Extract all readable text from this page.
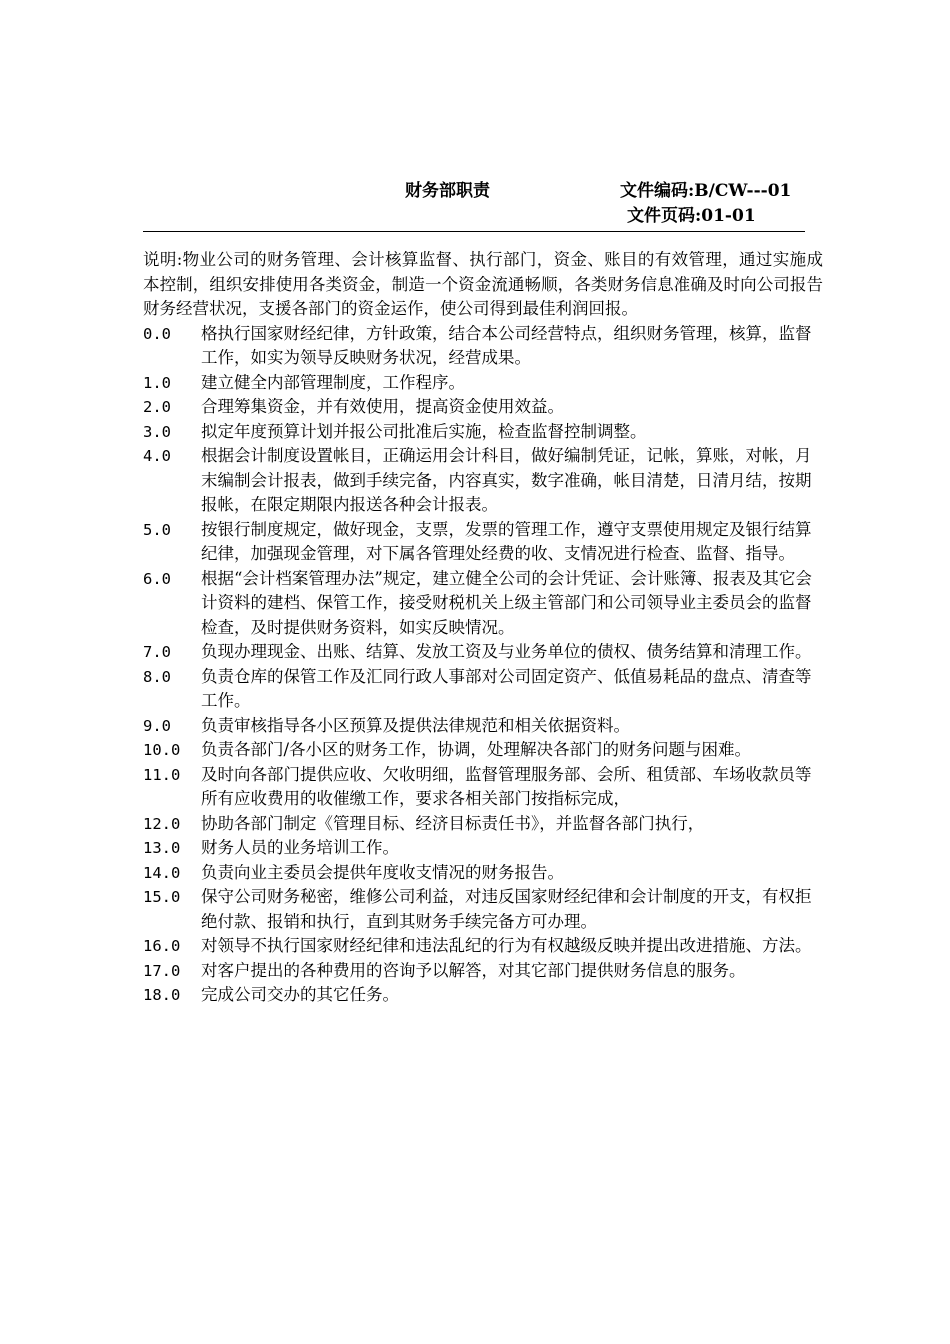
财务部职责	文件编码:B/CW---01
文件页码:01-01

说明:物业公司的财务管理、会计核算监督、执行部门，资金、账目的有效管理，通过实施成本控制，组织安排使用各类资金，制造一个资金流通畅顺，各类财务信息准确及时向公司报告财务经营状况，支援各部门的资金运作，使公司得到最佳利润回报。

0.0	格执行国家财经纪律，方针政策，结合本公司经营特点，组织财务管理，核算，监督工作，如实为领导反映财务状况，经营成果。
1.0	建立健全内部管理制度，工作程序。
2.0	合理筹集资金，并有效使用，提高资金使用效益。
3.0	拟定年度预算计划并报公司批准后实施，检查监督控制调整。
4.0	根据会计制度设置帐目，正确运用会计科目，做好编制凭证，记帐，算账，对帐，月末编制会计报表，做到手续完备，内容真实，数字准确，帐目清楚，日清月结，按期报帐，在限定期限内报送各种会计报表。
5.0	按银行制度规定，做好现金，支票，发票的管理工作，遵守支票使用规定及银行结算纪律，加强现金管理，对下属各管理处经费的收、支情况进行检查、监督、指导。
6.0	根据“会计档案管理办法”规定，建立健全公司的会计凭证、会计账簿、报表及其它会计资料的建档、保管工作，接受财税机关上级主管部门和公司领导业主委员会的监督检查，及时提供财务资料，如实反映情况。
7.0	负现办理现金、出账、结算、发放工资及与业务单位的债权、债务结算和清理工作。
8.0	负责仓库的保管工作及汇同行政人事部对公司固定资产、低值易耗品的盘点、清查等工作。
9.0	负责审核指导各小区预算及提供法律规范和相关依据资料。
10.0	负责各部门/各小区的财务工作，协调，处理解决各部门的财务问题与困难。
11.0	及时向各部门提供应收、欠收明细，监督管理服务部、会所、租赁部、车场收款员等所有应收费用的收催缴工作，要求各相关部门按指标完成，
12.0	协助各部门制定《管理目标、经济目标责任书》，并监督各部门执行，
13.0	财务人员的业务培训工作。
14.0	负责向业主委员会提供年度收支情况的财务报告。
15.0	保守公司财务秘密，维修公司利益，对违反国家财经纪律和会计制度的开支，有权拒绝付款、报销和执行，直到其财务手续完备方可办理。
16.0	对领导不执行国家财经纪律和违法乱纪的行为有权越级反映并提出改进措施、方法。
17.0	对客户提出的各种费用的咨询予以解答，对其它部门提供财务信息的服务。
18.0	完成公司交办的其它任务。
